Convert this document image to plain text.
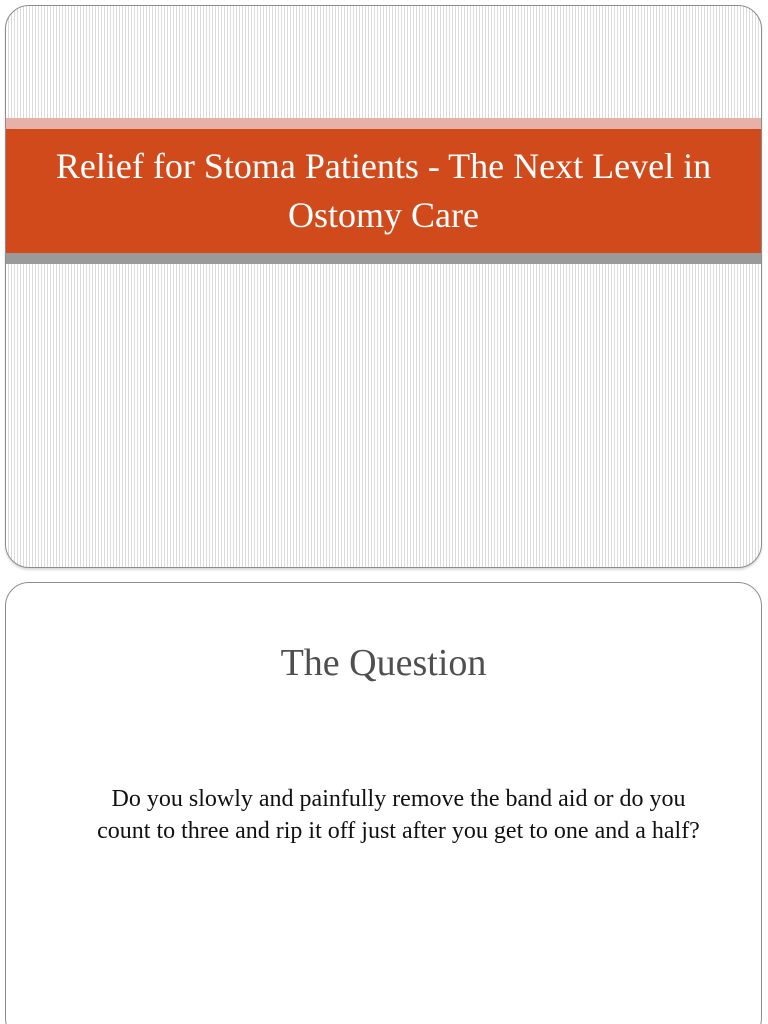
Relief for Stoma Patients - The Next Level in Ostomy Care
The Question

Do you slowly and painfully remove the band aid or do you count to three and rip it off just after you get to one and a half?
